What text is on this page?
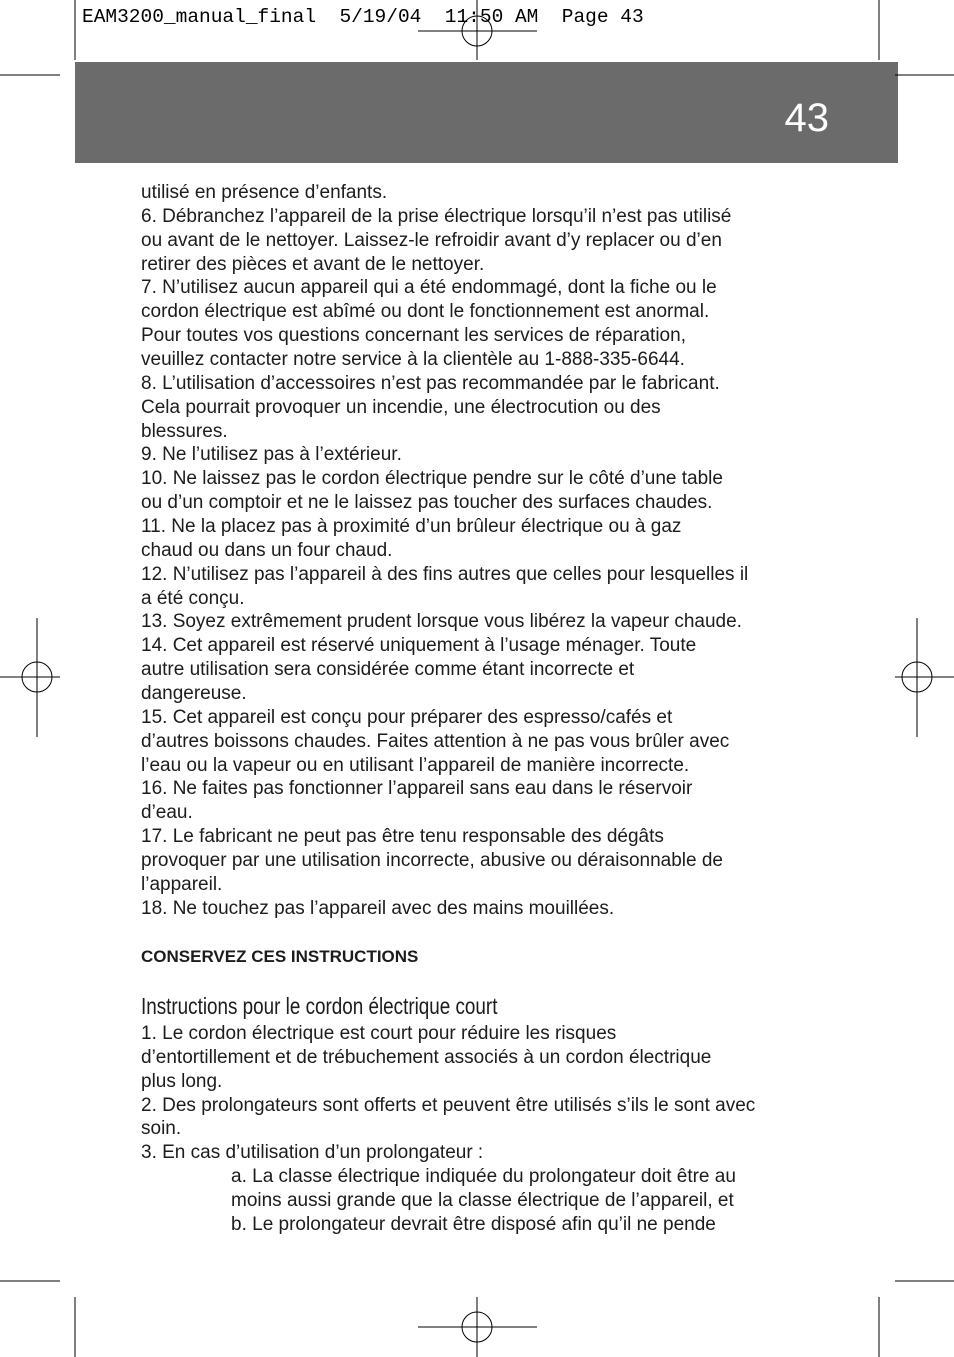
EAM3200_manual_final  5/19/04  11:50 AM  Page 43
43
utilisé en présence d’enfants.
6. Débranchez l’appareil de la prise électrique lorsqu’il n’est pas utilisé
ou avant de le nettoyer. Laissez-le refroidir avant d’y replacer ou d’en
retirer des pièces et avant de le nettoyer.
7. N’utilisez aucun appareil qui a été endommagé, dont la fiche ou le
cordon électrique est abîmé ou dont le fonctionnement est anormal.
Pour toutes vos questions concernant les services de réparation,
veuillez contacter notre service à la clientèle au 1-888-335-6644.
8. L’utilisation d’accessoires n’est pas recommandée par le fabricant.
Cela pourrait provoquer un incendie, une électrocution ou des
blessures.
9. Ne l’utilisez pas à l’extérieur.
10. Ne laissez pas le cordon électrique pendre sur le côté d’une table
ou d’un comptoir et ne le laissez pas toucher des surfaces chaudes.
11. Ne la placez pas à proximité d’un brûleur électrique ou à gaz
chaud ou dans un four chaud.
12. N’utilisez pas l’appareil à des fins autres que celles pour lesquelles il
a été conçu.
13. Soyez extrêmement prudent lorsque vous libérez la vapeur chaude.
14. Cet appareil est réservé uniquement à l’usage ménager. Toute
autre utilisation sera considérée comme étant incorrecte et
dangereuse.
15. Cet appareil est conçu pour préparer des espresso/cafés et
d’autres boissons chaudes. Faites attention à ne pas vous brûler avec
l’eau ou la vapeur ou en utilisant l’appareil de manière incorrecte.
16. Ne faites pas fonctionner l’appareil sans eau dans le réservoir
d’eau.
17. Le fabricant ne peut pas être tenu responsable des dégâts
provoquer par une utilisation incorrecte, abusive ou déraisonnable de
l’appareil.
18. Ne touchez pas l’appareil avec des mains mouillées.
CONSERVEZ CES INSTRUCTIONS
Instructions pour le cordon électrique court
1. Le cordon électrique est court pour réduire les risques
d’entortillement et de trébuchement associés à un cordon électrique
plus long.
2. Des prolongateurs sont offerts et peuvent être utilisés s’ils le sont avec
soin.
3. En cas d’utilisation d’un prolongateur :
a. La classe électrique indiquée du prolongateur doit être au
moins aussi grande que la classe électrique de l’appareil, et
b. Le prolongateur devrait être disposé afin qu’il ne pende
